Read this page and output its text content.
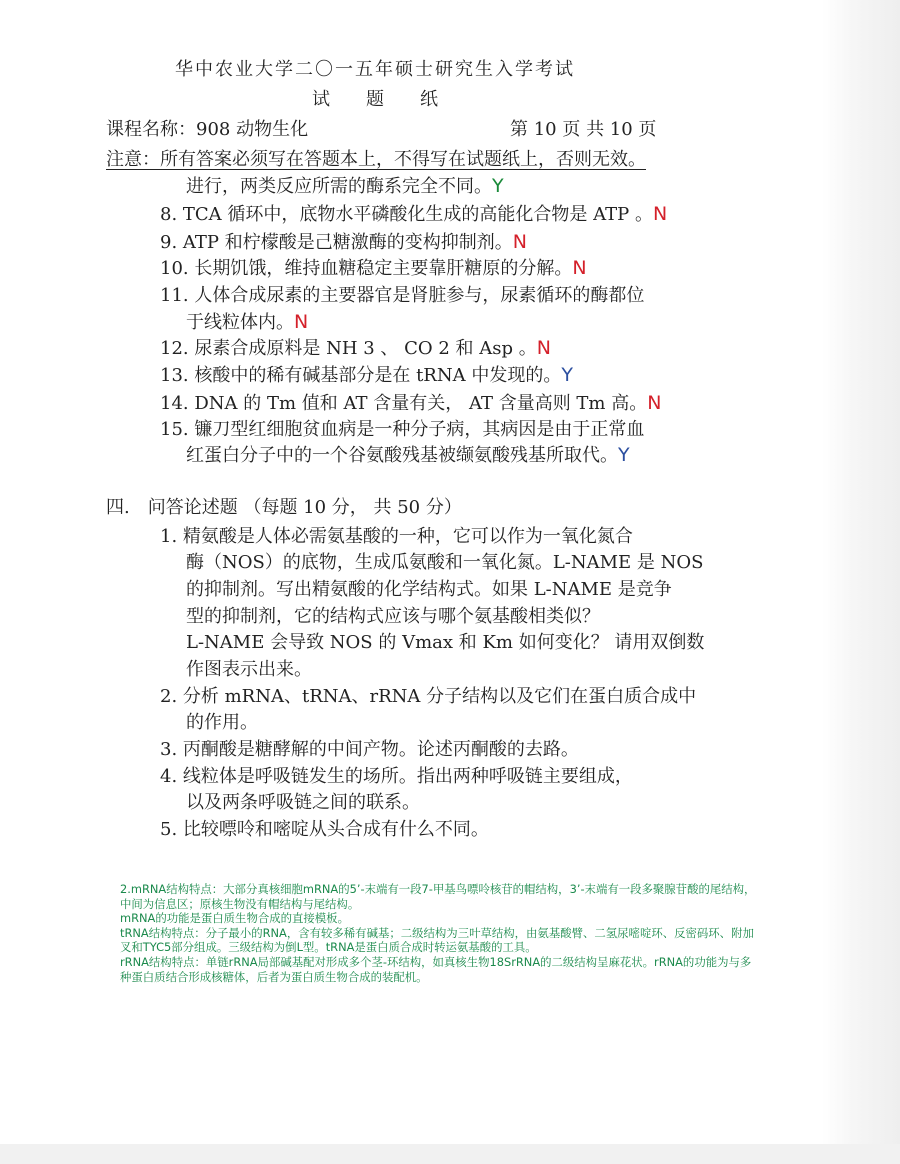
华中农业大学二〇一五年硕士研究生入学考试
试　　题　　纸
课程名称：908 动物生化	第 10 页 共 10 页
注意：所有答案必须写在答题本上，不得写在试题纸上，否则无效。
进行，两类反应所需的酶系完全不同。Y
8. TCA 循环中，底物水平磷酸化生成的高能化合物是 ATP 。N
9. ATP 和柠檬酸是己糖激酶的变构抑制剂。N
10. 长期饥饿，维持血糖稳定主要靠肝糖原的分解。N
11. 人体合成尿素的主要器官是肾脏参与，尿素循环的酶都位
于线粒体内。N
12. 尿素合成原料是 NH 3 、 CO 2 和 Asp 。N
13. 核酸中的稀有碱基部分是在 tRNA 中发现的。Y
14. DNA 的 Tm 值和 AT 含量有关， AT 含量高则 Tm 高。N
15. 镰刀型红细胞贫血病是一种分子病，其病因是由于正常血
红蛋白分子中的一个谷氨酸残基被缬氨酸残基所取代。Y
四.　问答论述题 （每题 10 分， 共 50 分）
1. 精氨酸是人体必需氨基酸的一种，它可以作为一氧化氮合
酶（NOS）的底物，生成瓜氨酸和一氧化氮。L-NAME 是 NOS
的抑制剂。写出精氨酸的化学结构式。如果 L-NAME 是竞争
型的抑制剂，它的结构式应该与哪个氨基酸相类似？
L-NAME 会导致 NOS 的 Vmax 和 Km 如何变化？ 请用双倒数
作图表示出来。
2. 分析 mRNA、tRNA、rRNA 分子结构以及它们在蛋白质合成中
的作用。
3. 丙酮酸是糖酵解的中间产物。论述丙酮酸的去路。
4. 线粒体是呼吸链发生的场所。指出两种呼吸链主要组成，
以及两条呼吸链之间的联系。
5. 比较嘌呤和嘧啶从头合成有什么不同。

2.mRNA结构特点：大部分真核细胞mRNA的5’-末端有一段7-甲基鸟嘌呤核苷的帽结构，3’-末端有一段多聚腺苷酸的尾结构，中间为信息区；原核生物没有帽结构与尾结构。

mRNA的功能是蛋白质生物合成的直接模板。

tRNA结构特点：分子最小的RNA，含有较多稀有碱基；二级结构为三叶草结构，由氨基酸臂、二氢尿嘧啶环、反密码环、附加叉和TYC5部分组成。三级结构为倒L型。tRNA是蛋白质合成时转运氨基酸的工具。

rRNA结构特点：单链rRNA局部碱基配对形成多个茎-环结构，如真核生物18SrRNA的二级结构呈麻花状。rRNA的功能为与多种蛋白质结合形成核糖体，后者为蛋白质生物合成的装配机。
